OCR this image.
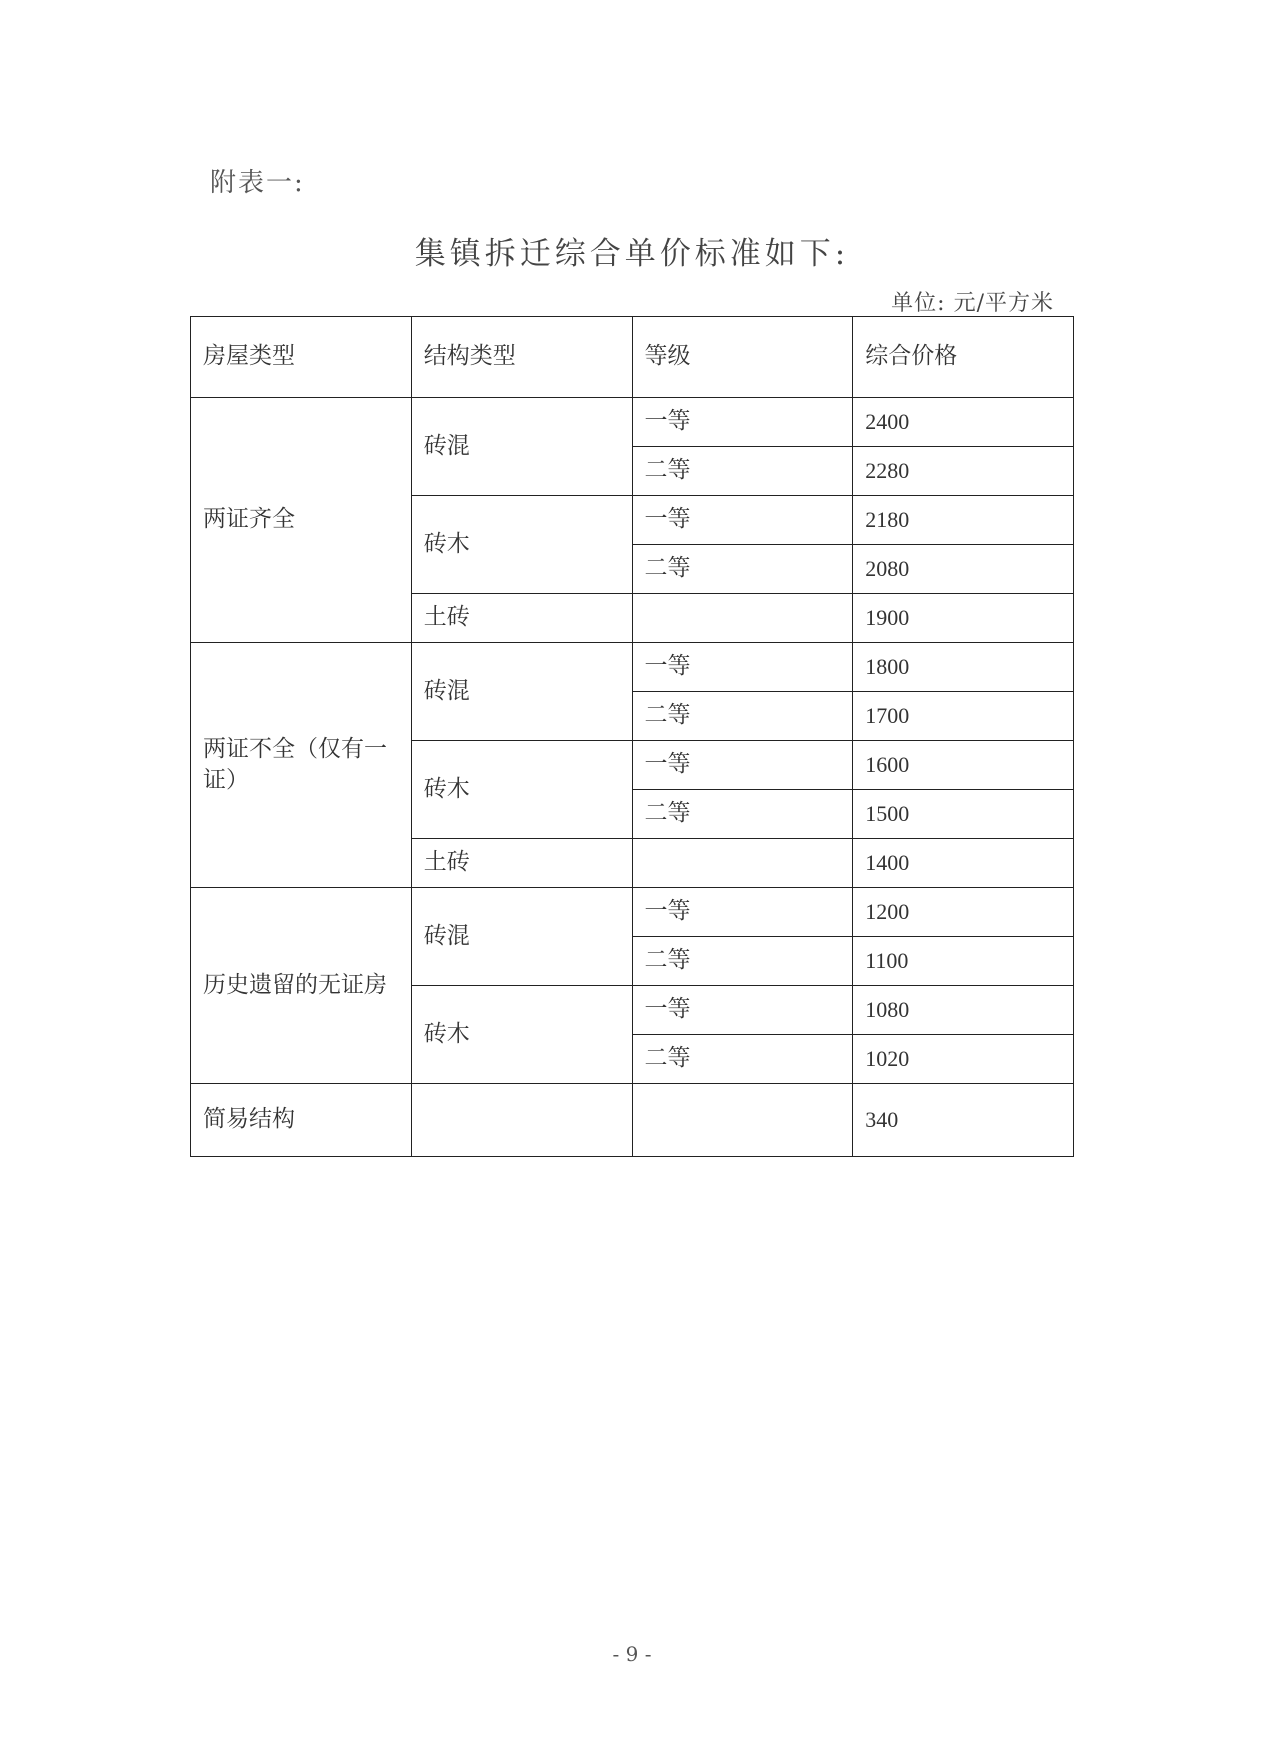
附表一:
集镇拆迁综合单价标准如下:
单位: 元/平方米
房屋类型	结构类型	等级	综合价格
两证齐全	砖混	一等	2400
		二等	2280
	砖木	一等	2180
		二等	2080
	土砖		1900
两证不全（仅有一证）	砖混	一等	1800
		二等	1700
	砖木	一等	1600
		二等	1500
	土砖		1400
历史遗留的无证房	砖混	一等	1200
		二等	1100
	砖木	一等	1080
		二等	1020
简易结构			340
- 9 -
